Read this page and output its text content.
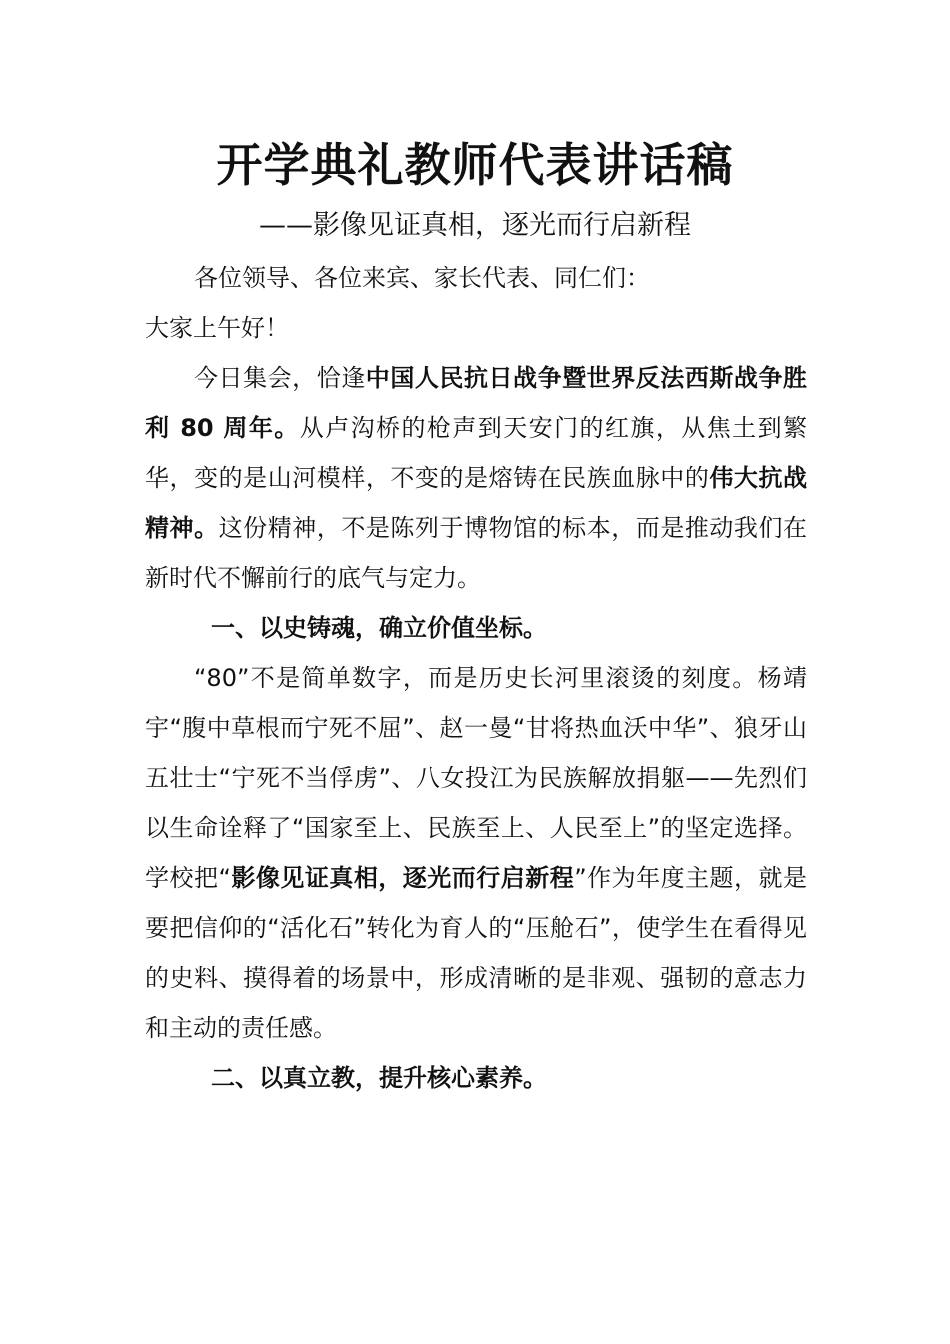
开学典礼教师代表讲话稿
——影像见证真相，逐光而行启新程

各位领导、各位来宾、家长代表、同仁们：

大家上午好！

今日集会，恰逢中国人民抗日战争暨世界反法西斯战争胜利 80 周年。从卢沟桥的枪声到天安门的红旗，从焦土到繁华，变的是山河模样，不变的是熔铸在民族血脉中的伟大抗战精神。这份精神，不是陈列于博物馆的标本，而是推动我们在新时代不懈前行的底气与定力。

一、以史铸魂，确立价值坐标。

“80”不是简单数字，而是历史长河里滚烫的刻度。杨靖宇“腹中草根而宁死不屈”、赵一曼“甘将热血沃中华”、狼牙山五壮士“宁死不当俘虏”、八女投江为民族解放捐躯——先烈们以生命诠释了“国家至上、民族至上、人民至上”的坚定选择。学校把“影像见证真相，逐光而行启新程”作为年度主题，就是要把信仰的“活化石”转化为育人的“压舱石”，使学生在看得见的史料、摸得着的场景中，形成清晰的是非观、强韧的意志力和主动的责任感。

二、以真立教，提升核心素养。
